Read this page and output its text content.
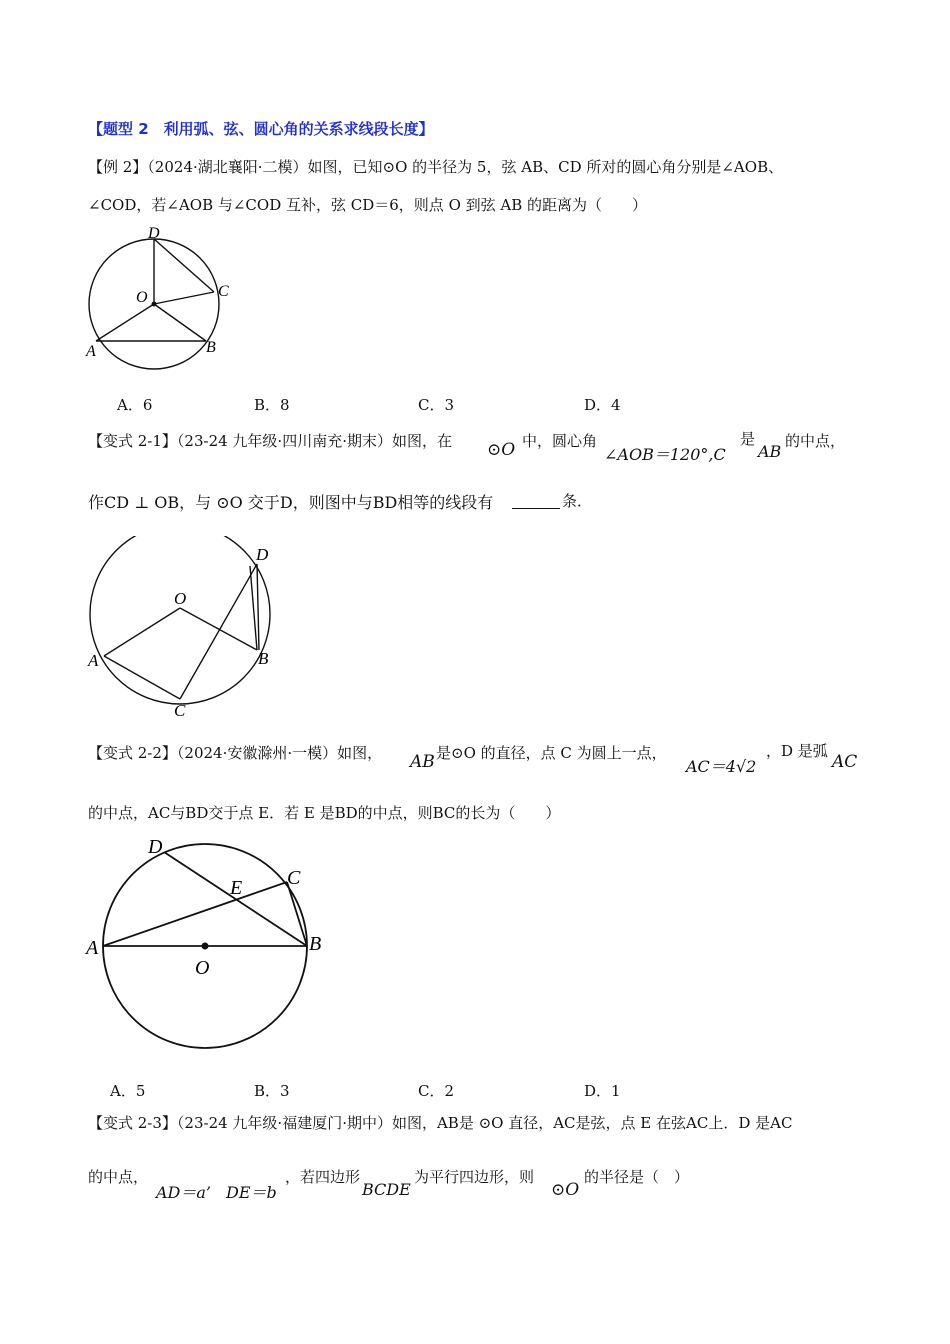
【题型 2　利用弧、弦、圆心角的关系求线段长度】
【例 2】（2024·湖北襄阳·二模）如图，已知⊙O 的半径为 5，弦 AB、CD 所对的圆心角分别是∠AOB、
∠COD，若∠AOB 与∠COD 互补，弦 CD＝6，则点 O 到弦 AB 的距离为（　　）
D
O	C
A	B
A．6	B．8	C．3	D．4
【变式 2-1】（23-24 九年级·四川南充·期末）如图，在 ⊙O 中，圆心角
∠AOB＝120°,C
是
AB
的中点，
作CD ⊥ OB，与 ⊙O 交于D，则图中与BD相等的线段有	条．
D
O
A	B
C
【变式 2-2】（2024·安徽滁州·一模）如图， AB 是⊙O 的直径，点 C 为圆上一点，
AC＝4√2
，D 是弧
AC
的中点，AC与BD交于点 E．若 E 是BD的中点，则BC的长为（　　）
D
C
E
A	B
O
A．5	B．3	C．2	D．1
【变式 2-3】（23-24 九年级·福建厦门·期中）如图，AB是 ⊙O 直径，AC是弦，点 E 在弦AC上．D 是AC
的中点，
AD＝a’ DE＝b
，若四边形
BCDE
为平行四边形，则
⊙O
的半径是（　）
